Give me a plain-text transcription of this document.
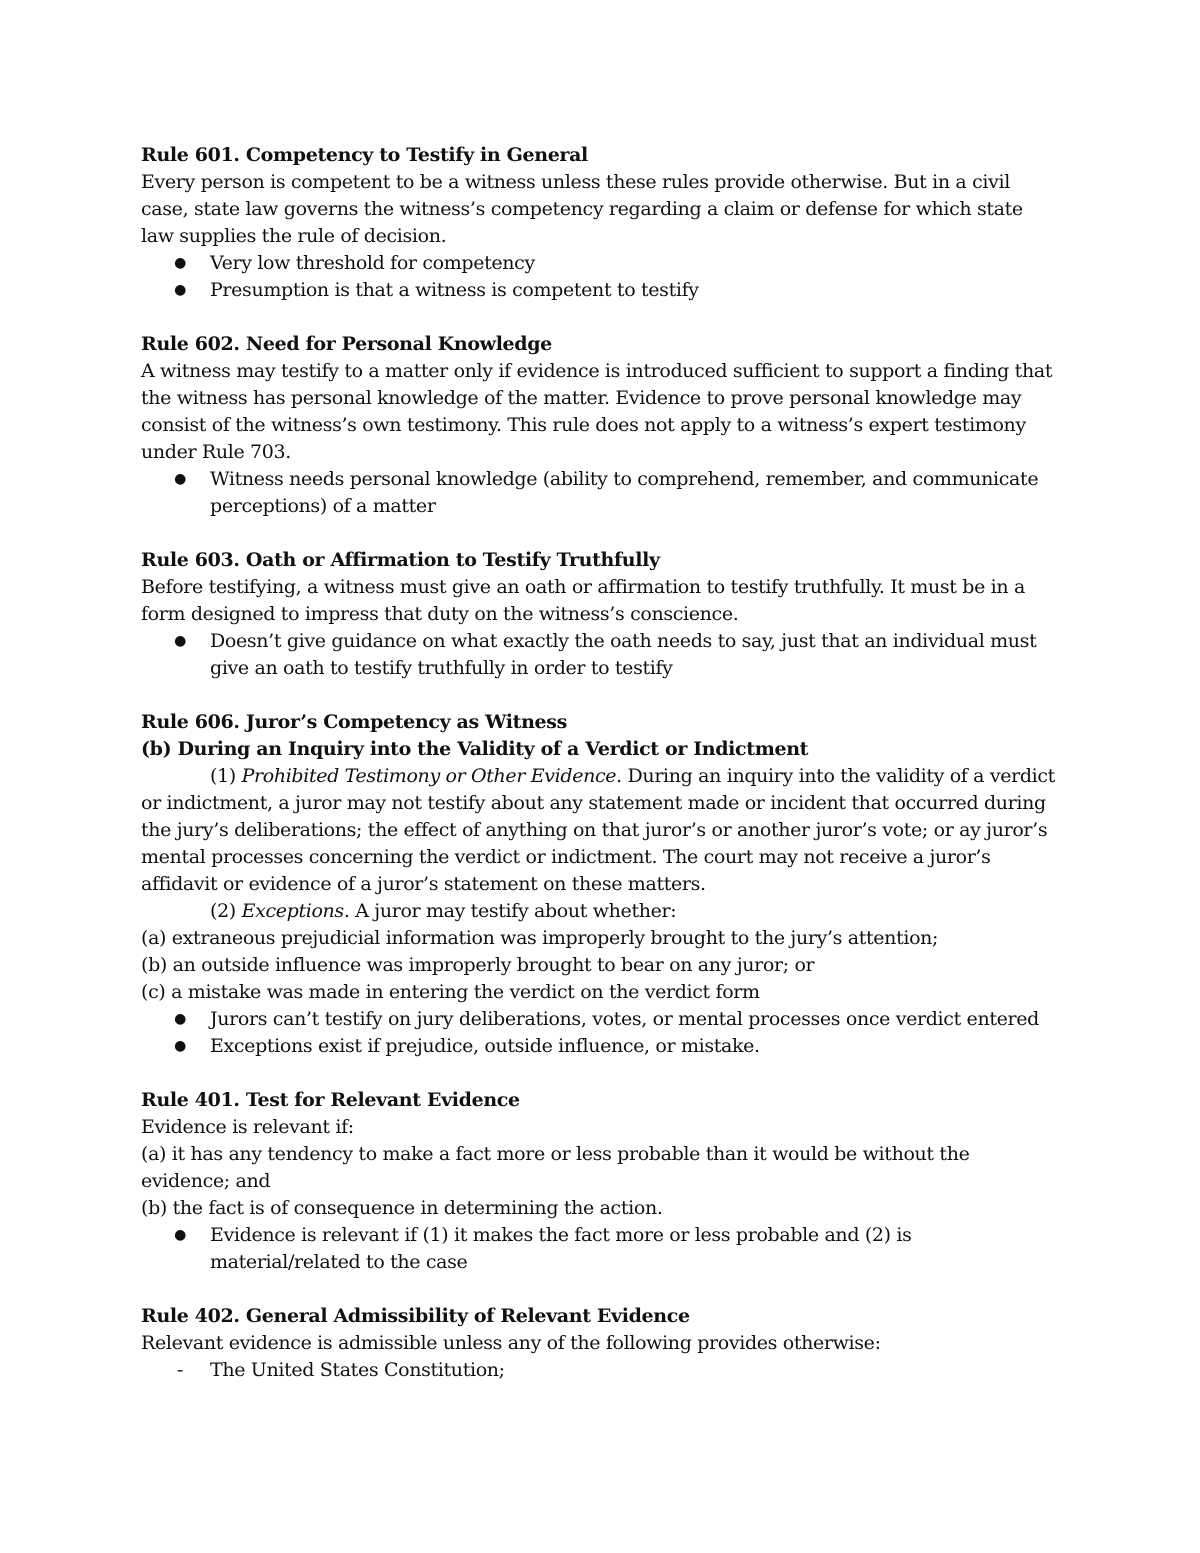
Rule 601. Competency to Testify in General
Every person is competent to be a witness unless these rules provide otherwise. But in a civil case, state law governs the witness’s competency regarding a claim or defense for which state law supplies the rule of decision.
● Very low threshold for competency
● Presumption is that a witness is competent to testify
Rule 602. Need for Personal Knowledge
A witness may testify to a matter only if evidence is introduced sufficient to support a finding that the witness has personal knowledge of the matter. Evidence to prove personal knowledge may consist of the witness’s own testimony. This rule does not apply to a witness’s expert testimony under Rule 703.
● Witness needs personal knowledge (ability to comprehend, remember, and communicate perceptions) of a matter
Rule 603. Oath or Affirmation to Testify Truthfully
Before testifying, a witness must give an oath or affirmation to testify truthfully. It must be in a form designed to impress that duty on the witness’s conscience.
● Doesn’t give guidance on what exactly the oath needs to say, just that an individual must give an oath to testify truthfully in order to testify
Rule 606. Juror’s Competency as Witness
(b) During an Inquiry into the Validity of a Verdict or Indictment

(1) Prohibited Testimony or Other Evidence. During an inquiry into the validity of a verdict or indictment, a juror may not testify about any statement made or incident that occurred during the jury’s deliberations; the effect of anything on that juror’s or another juror’s vote; or ay juror’s mental processes concerning the verdict or indictment. The court may not receive a juror’s affidavit or evidence of a juror’s statement on these matters.

(2) Exceptions. A juror may testify about whether:

(a) extraneous prejudicial information was improperly brought to the jury’s attention;
(b) an outside influence was improperly brought to bear on any juror; or
(c) a mistake was made in entering the verdict on the verdict form
● Jurors can’t testify on jury deliberations, votes, or mental processes once verdict entered
● Exceptions exist if prejudice, outside influence, or mistake.
Rule 401. Test for Relevant Evidence
Evidence is relevant if:
(a) it has any tendency to make a fact more or less probable than it would be without the evidence; and
(b) the fact is of consequence in determining the action.
● Evidence is relevant if (1) it makes the fact more or less probable and (2) is material/related to the case
Rule 402. General Admissibility of Relevant Evidence
Relevant evidence is admissible unless any of the following provides otherwise:
- The United States Constitution;
